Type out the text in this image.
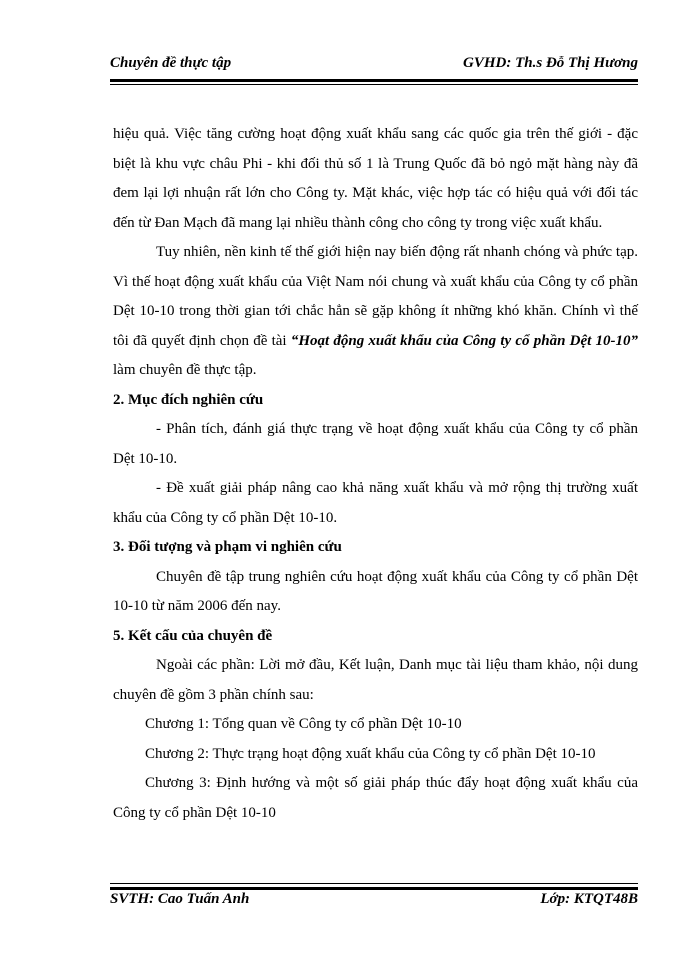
Chuyên đề thực tập	GVHD: Th.s Đỗ Thị Hương

hiệu quả. Việc tăng cường hoạt động xuất khẩu sang các quốc gia trên thế giới - đặc biệt là khu vực châu Phi - khi đối thủ số 1 là Trung Quốc đã bỏ ngỏ mặt hàng này đã đem lại lợi nhuận rất lớn cho Công ty. Mặt khác, việc hợp tác có hiệu quả với đối tác đến từ Đan Mạch đã mang lại nhiều thành công cho công ty trong việc xuất khẩu.

Tuy nhiên, nền kinh tế thế giới hiện nay biến động rất nhanh chóng và phức tạp. Vì thế hoạt động xuất khẩu của Việt Nam nói chung và xuất khẩu của Công ty cổ phần Dệt 10-10 trong thời gian tới chắc hẳn sẽ gặp không ít những khó khăn. Chính vì thế tôi đã quyết định chọn đề tài “Hoạt động xuất khẩu của Công ty cổ phần Dệt 10-10” làm chuyên đề thực tập.

2. Mục đích nghiên cứu

- Phân tích, đánh giá thực trạng về hoạt động xuất khẩu của Công ty cổ phần Dệt 10-10.

- Đề xuất giải pháp nâng cao khả năng xuất khẩu và mở rộng thị trường xuất khẩu của Công ty cổ phần Dệt 10-10.

3. Đối tượng và phạm vi nghiên cứu

Chuyên đề tập trung nghiên cứu hoạt động xuất khẩu của Công ty cổ phần Dệt 10-10 từ năm 2006 đến nay.

5. Kết cấu của chuyên đề

Ngoài các phần: Lời mở đầu, Kết luận, Danh mục tài liệu tham khảo, nội dung chuyên đề gồm 3 phần chính sau:

Chương 1: Tổng quan về Công ty cổ phần Dệt 10-10

Chương 2: Thực trạng hoạt động xuất khẩu của Công ty cổ phần Dệt 10-10

Chương 3: Định hướng và một số giải pháp thúc đẩy hoạt động xuất khẩu của Công ty cổ phần Dệt 10-10

SVTH: Cao Tuấn Anh	Lớp: KTQT48B
